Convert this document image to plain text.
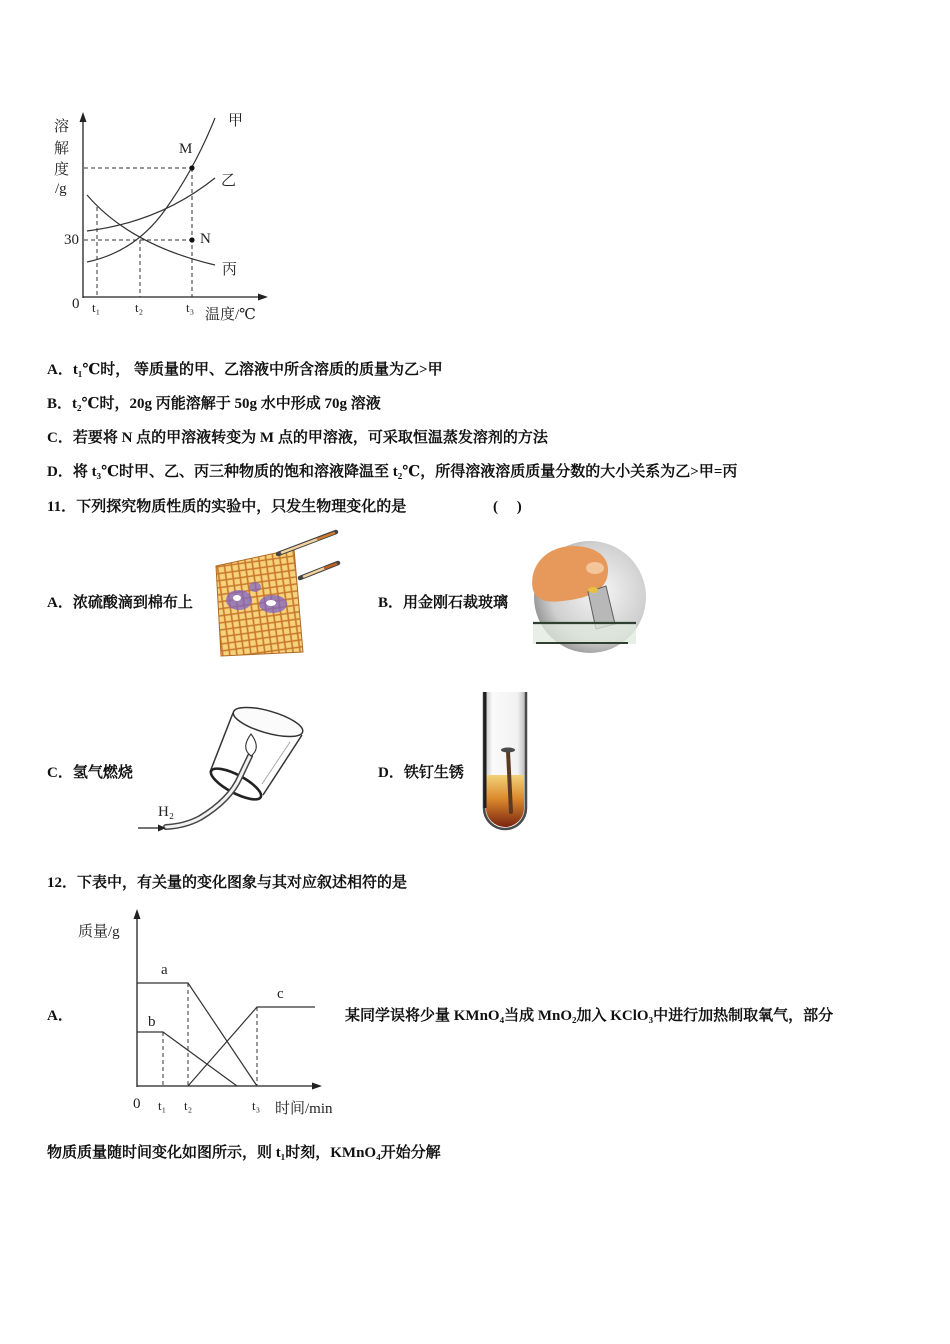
溶
解
度
/g
30
0 t₁	t₂	t₃ 温度/℃
甲
乙
丙
M
N
H₂
质量/g
a
b
c
0 t₁ t₂	t₃ 时间/min
A．t₁℃时， 等质量的甲、乙溶液中所含溶质的质量为乙>甲
B．t₂℃时，20g 丙能溶解于 50g 水中形成 70g 溶液
C．若要将 N 点的甲溶液转变为 M 点的甲溶液，可采取恒温蒸发溶剂的方法
D．将 t₃℃时甲、乙、丙三种物质的饱和溶液降温至 t₂℃，所得溶液溶质质量分数的大小关系为乙>甲=丙
11．下列探究物质性质的实验中，只发生物理变化的是	(     )
A．浓硫酸滴到棉布上	B．用金刚石裁玻璃
C．氢气燃烧	D．铁钉生锈
12．下表中，有关量的变化图象与其对应叙述相符的是
A．	某同学误将少量 KMnO₄当成 MnO₂加入 KClO₃中进行加热制取氧气，部分
物质质量随时间变化如图所示，则 t₁时刻，KMnO₄开始分解
